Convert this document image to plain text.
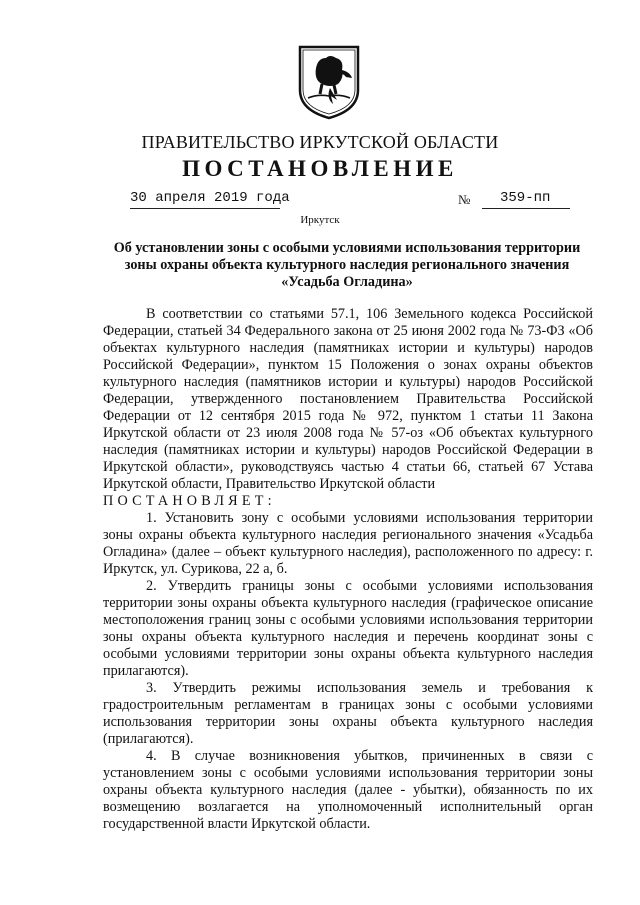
ПРАВИТЕЛЬСТВО ИРКУТСКОЙ ОБЛАСТИ
ПОСТАНОВЛЕНИЕ
30 апреля 2019 года	№ 359-пп
Иркутск
Об установлении зоны с особыми условиями использования территории
зоны охраны объекта культурного наследия регионального значения
«Усадьба Огладина»

В соответствии со статьями 57.1, 106 Земельного кодекса Российской Федерации, статьей 34 Федерального закона от 25 июня 2002 года № 73-ФЗ «Об объектах культурного наследия (памятниках истории и культуры) народов Российской Федерации», пунктом 15 Положения о зонах охраны объектов культурного наследия (памятников истории и культуры) народов Российской Федерации, утвержденного постановлением Правительства Российской Федерации от 12 сентября 2015 года № 972, пунктом 1 статьи 11 Закона Иркутской области от 23 июля 2008 года № 57-оз «Об объектах культурного наследия (памятниках истории и культуры) народов Российской Федерации в Иркутской области», руководствуясь частью 4 статьи 66, статьей 67 Устава Иркутской области, Правительство Иркутской области

ПОСТАНОВЛЯЕТ:

1. Установить зону с особыми условиями использования территории зоны охраны объекта культурного наследия регионального значения «Усадьба Огладина» (далее – объект культурного наследия), расположенного по адресу: г. Иркутск, ул. Сурикова, 22 а, б.

2. Утвердить границы зоны с особыми условиями использования территории зоны охраны объекта культурного наследия (графическое описание местоположения границ зоны с особыми условиями использования территории зоны охраны объекта культурного наследия и перечень координат зоны с особыми условиями территории зоны охраны объекта культурного наследия прилагаются).

3. Утвердить режимы использования земель и требования к градостроительным регламентам в границах зоны с особыми условиями использования территории зоны охраны объекта культурного наследия (прилагаются).

4. В случае возникновения убытков, причиненных в связи с установлением зоны с особыми условиями использования территории зоны охраны объекта культурного наследия (далее - убытки), обязанность по их возмещению возлагается на уполномоченный исполнительный орган государственной власти Иркутской области.
